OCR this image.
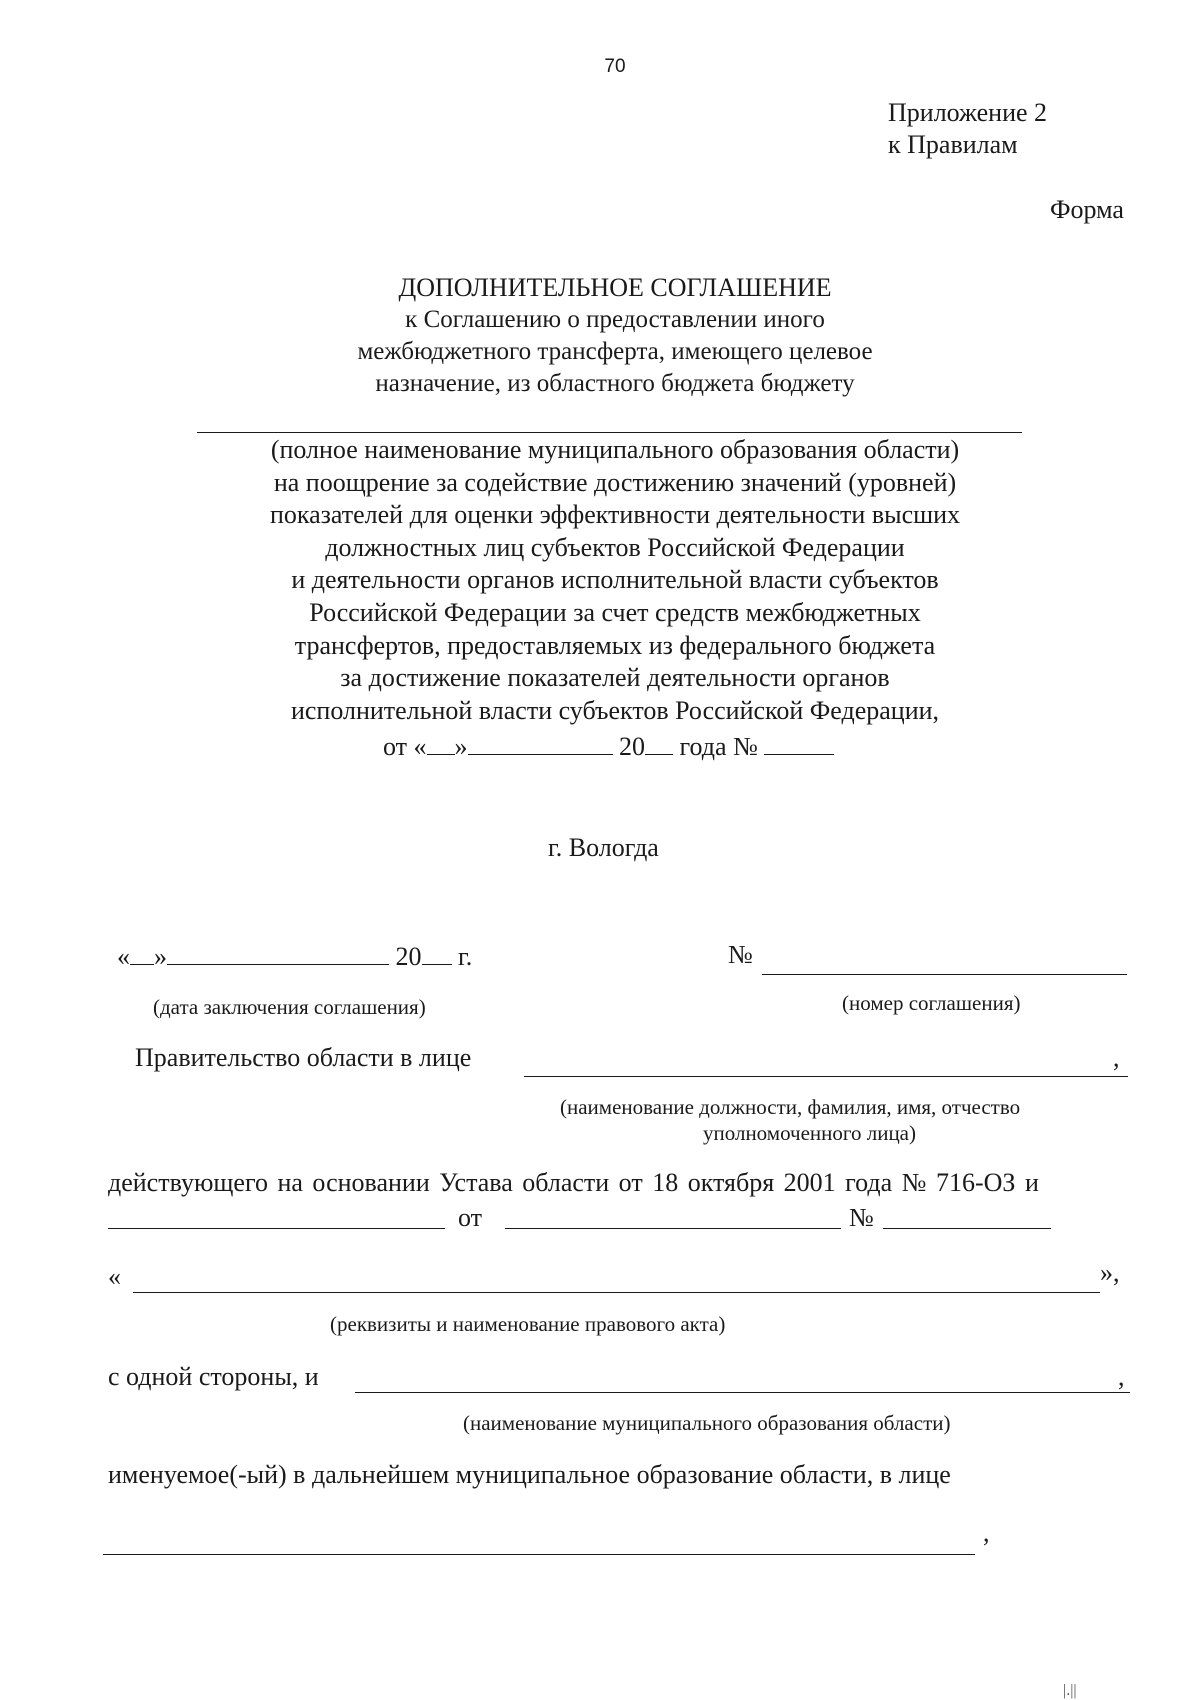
70
Приложение 2
к Правилам
Форма
ДОПОЛНИТЕЛЬНОЕ СОГЛАШЕНИЕ
к Соглашению о предоставлении иного
межбюджетного трансферта, имеющего целевое
назначение, из областного бюджета бюджету
(полное наименование муниципального образования области)
на поощрение за содействие достижению значений (уровней)
показателей для оценки эффективности деятельности высших
должностных лиц субъектов Российской Федерации
и деятельности органов исполнительной власти субъектов
Российской Федерации за счет средств межбюджетных
трансфертов, предоставляемых из федерального бюджета
за достижение показателей деятельности органов
исполнительной власти субъектов Российской Федерации,
от « »	20 года №
г. Вологда
« »	20 г.	№
(дата заключения соглашения)	(номер соглашения)
Правительство области в лице	,
(наименование должности, фамилия, имя, отчество
уполномоченного лица)
действующего на основании Устава области от 18 октября 2001 года № 716-ОЗ и
от	№
«	»,
(реквизиты и наименование правового акта)
с одной стороны, и	,
(наименование муниципального образования области)
именуемое(-ый) в дальнейшем муниципальное образование области, в лице
,
|.||
